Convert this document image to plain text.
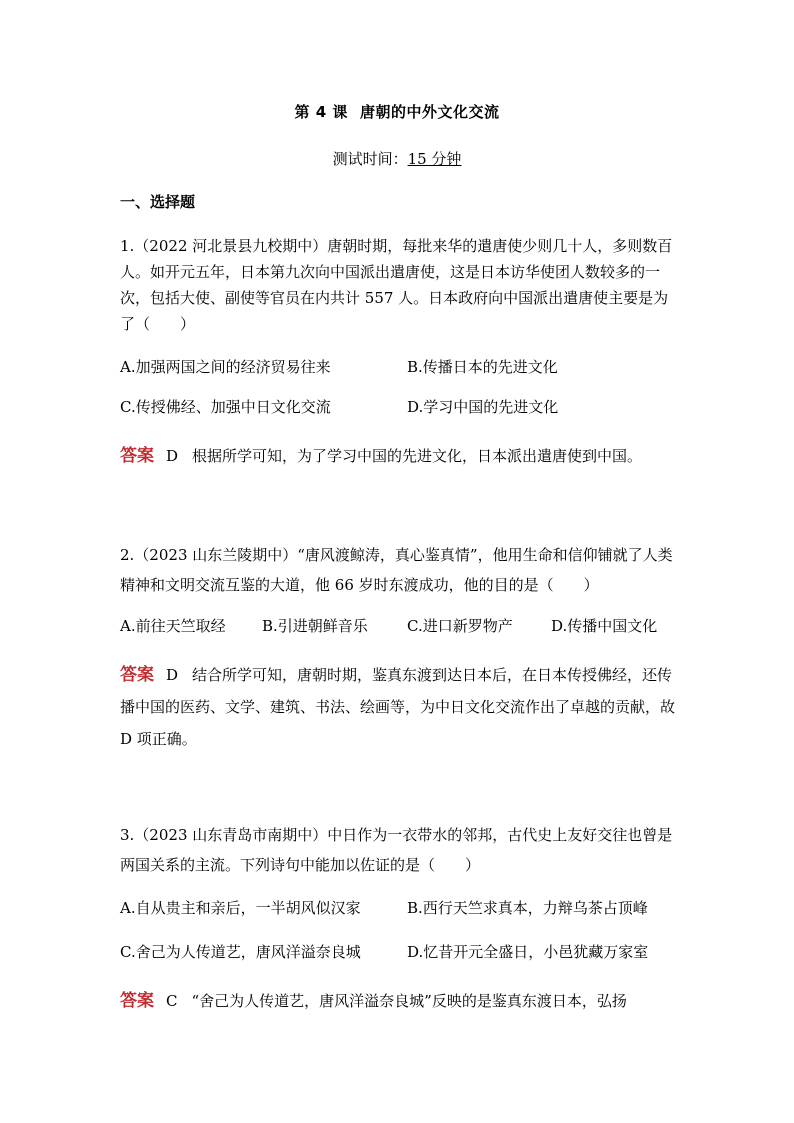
第 4 课 唐朝的中外文化交流
测试时间：15 分钟
一、选择题
1.（2022 河北景县九校期中）唐朝时期，每批来华的遣唐使少则几十人，多则数百人。如开元五年，日本第九次向中国派出遣唐使，这是日本访华使团人数较多的一次，包括大使、副使等官员在内共计 557 人。日本政府向中国派出遣唐使主要是为了（　　）
A.加强两国之间的经济贸易往来	B.传播日本的先进文化
C.传授佛经、加强中日文化交流	D.学习中国的先进文化
答案 D 根据所学可知，为了学习中国的先进文化，日本派出遣唐使到中国。
2.（2023 山东兰陵期中）“唐风渡鲸涛，真心鉴真情”，他用生命和信仰铺就了人类精神和文明交流互鉴的大道，他 66 岁时东渡成功，他的目的是（　　）
A.前往天竺取经 B.引进朝鲜音乐	C.进口新罗物产	D.传播中国文化
答案 D 结合所学可知，唐朝时期，鉴真东渡到达日本后，在日本传授佛经，还传播中国的医药、文学、建筑、书法、绘画等，为中日文化交流作出了卓越的贡献，故 D 项正确。
3.（2023 山东青岛市南期中）中日作为一衣带水的邻邦，古代史上友好交往也曾是两国关系的主流。下列诗句中能加以佐证的是（　　）
A.自从贵主和亲后，一半胡风似汉家	B.西行天竺求真本，力辩乌茶占顶峰
C.舍己为人传道艺，唐风洋溢奈良城	D.忆昔开元全盛日，小邑犹藏万家室
答案 C “舍己为人传道艺，唐风洋溢奈良城”反映的是鉴真东渡日本，弘扬
